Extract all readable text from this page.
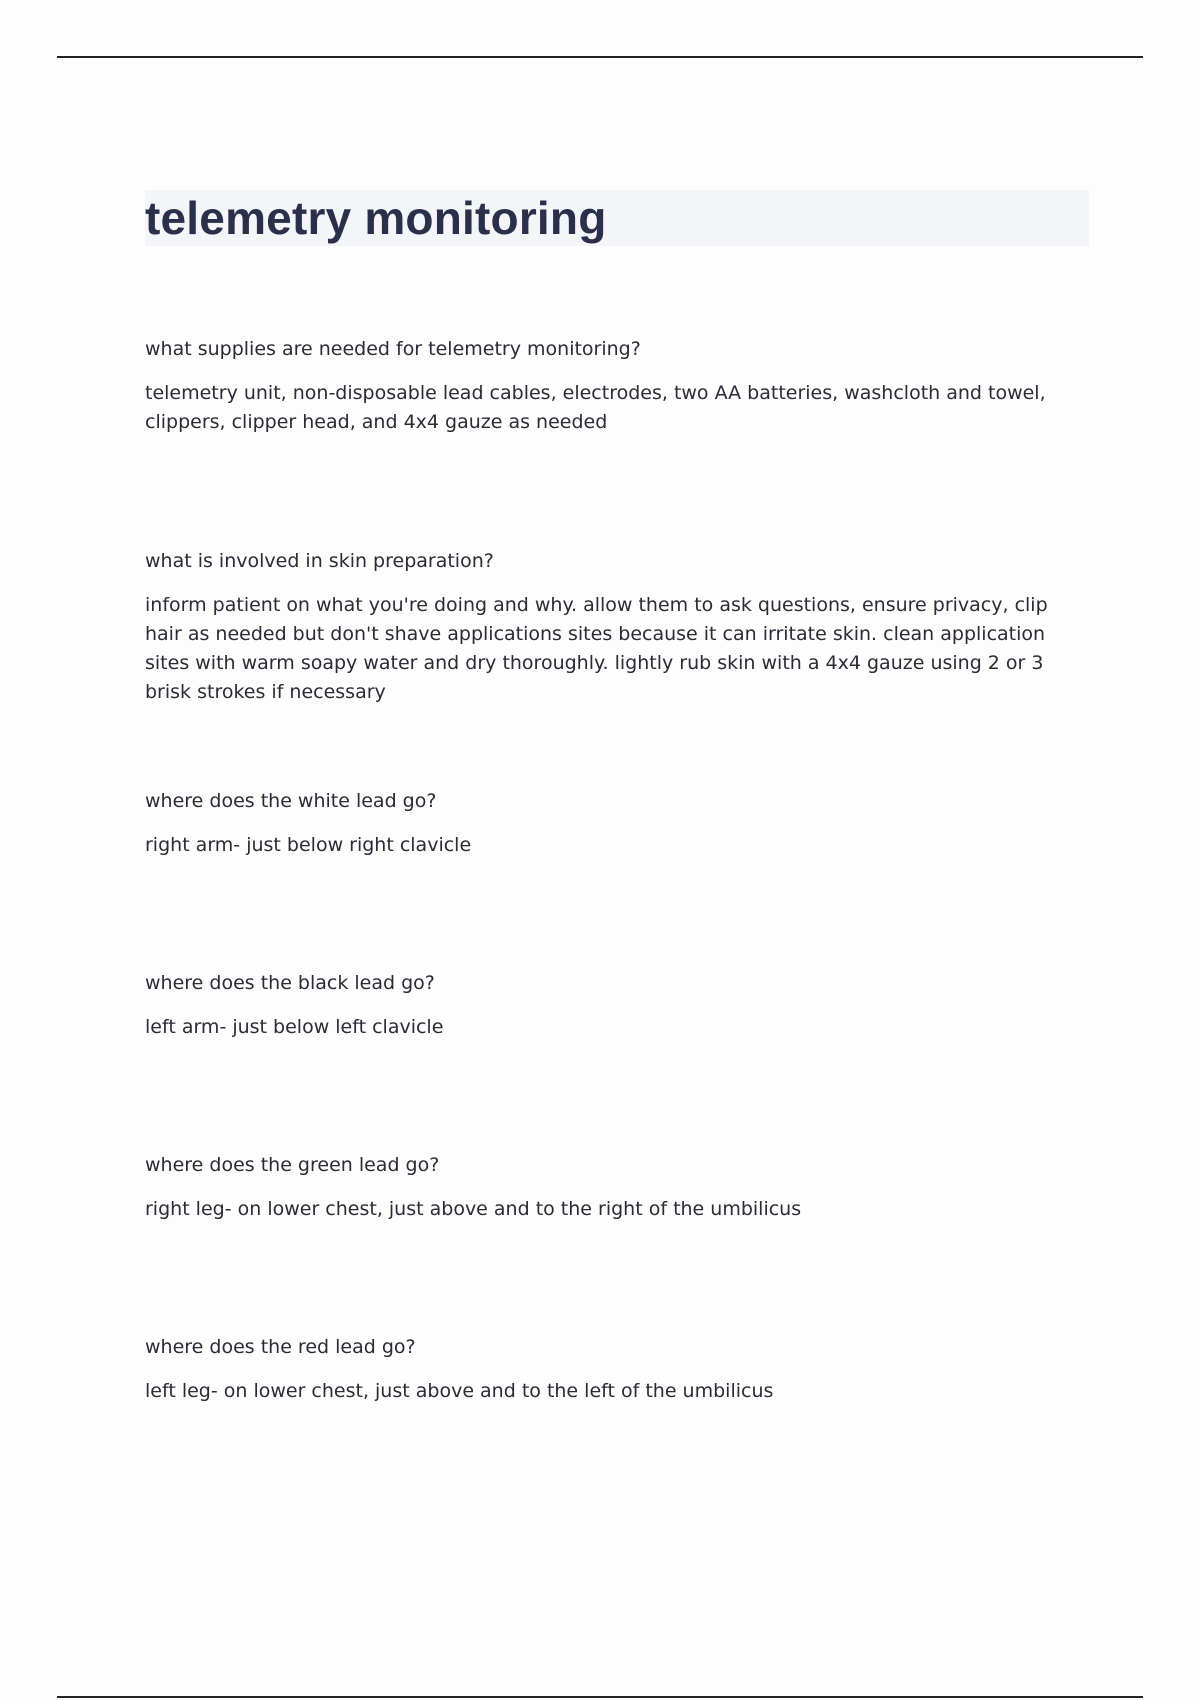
telemetry monitoring

what supplies are needed for telemetry monitoring?

telemetry unit, non-disposable lead cables, electrodes, two AA batteries, washcloth and towel, clippers, clipper head, and 4x4 gauze as needed

what is involved in skin preparation?

inform patient on what you're doing and why. allow them to ask questions, ensure privacy, clip hair as needed but don't shave applications sites because it can irritate skin. clean application sites with warm soapy water and dry thoroughly. lightly rub skin with a 4x4 gauze using 2 or 3 brisk strokes if necessary

where does the white lead go?

right arm- just below right clavicle

where does the black lead go?

left arm- just below left clavicle

where does the green lead go?

right leg- on lower chest, just above and to the right of the umbilicus

where does the red lead go?

left leg- on lower chest, just above and to the left of the umbilicus
